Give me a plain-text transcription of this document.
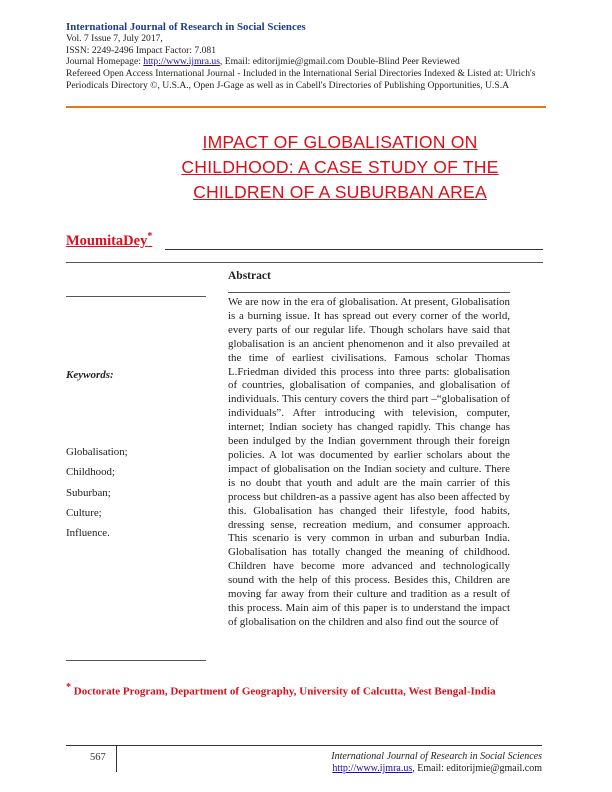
International Journal of Research in Social Sciences
Vol. 7 Issue 7, July 2017,
ISSN: 2249-2496 Impact Factor: 7.081
Journal Homepage: http://www.ijmra.us, Email: editorijmie@gmail.com Double-Blind Peer Reviewed
Refereed Open Access International Journal - Included in the International Serial Directories Indexed & Listed at: Ulrich's Periodicals Directory ©, U.S.A., Open J-Gage as well as in Cabell's Directories of Publishing Opportunities, U.S.A
IMPACT OF GLOBALISATION ON
CHILDHOOD: A CASE STUDY OF THE
CHILDREN OF A SUBURBAN AREA
MoumitaDey*
Abstract
We are now in the era of globalisation. At present, Globalisation is a burning issue. It has spread out every corner of the world, every parts of our regular life. Though scholars have said that globalisation is an ancient phenomenon and it also prevailed at the time of earliest civilisations. Famous scholar Thomas L.Friedman divided this process into three parts: globalisation of countries, globalisation of companies, and globalisation of individuals. This century covers the third part –“globalisation of individuals”. After introducing with television, computer, internet; Indian society has changed rapidly. This change has been indulged by the Indian government through their foreign policies. A lot was documented by earlier scholars about the impact of globalisation on the Indian society and culture. There is no doubt that youth and adult are the main carrier of this process but children-as a passive agent has also been affected by this. Globalisation has changed their lifestyle, food habits, dressing sense, recreation medium, and consumer approach. This scenario is very common in urban and suburban India. Globalisation has totally changed the meaning of childhood. Children have become more advanced and technologically sound with the help of this process. Besides this, Children are moving far away from their culture and tradition as a result of this process. Main aim of this paper is to understand the impact of globalisation on the children and also find out the source of
Keywords:
Globalisation;
Childhood;
Suburban;
Culture;
Influence.
* Doctorate Program, Department of Geography, University of Calcutta, West Bengal-India
567	International Journal of Research in Social Sciences
http://www.ijmra.us, Email: editorijmie@gmail.com
